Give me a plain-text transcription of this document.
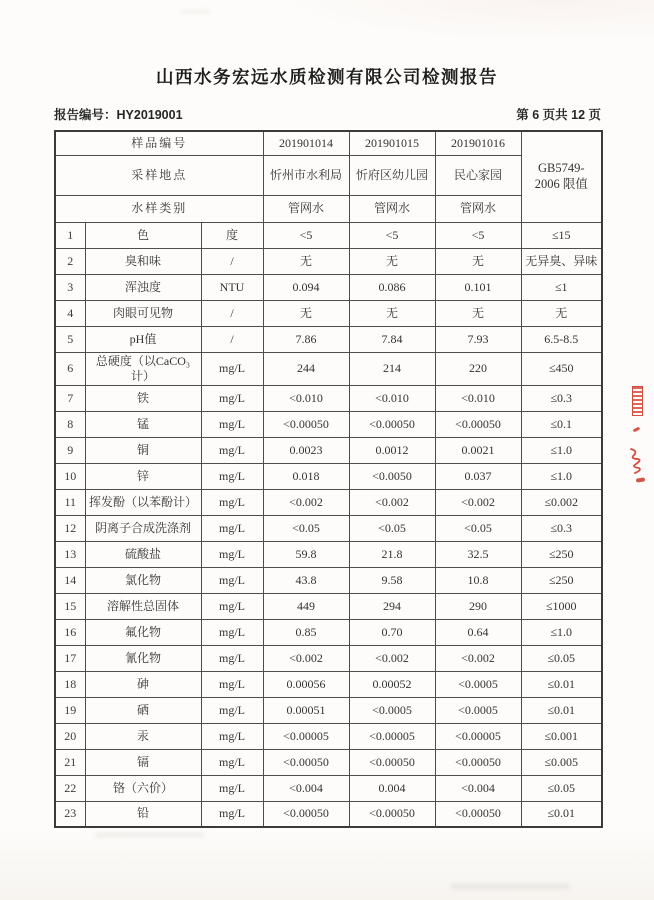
山西水务宏远水质检测有限公司检测报告
报告编号：HY2019001	第 6 页共 12 页
样品编号			201901014	201901015	201901016	GB5749-
2006 限值

采样地点			忻州市水利局	忻府区幼儿园	民心家园	
水样类别			管网水	管网水	管网水	
1	色	度	<5	<5	<5	≤15
2	臭和味	/	无	无	无	无异臭、异味
3	浑浊度	NTU	0.094	0.086	0.101	≤1
4	肉眼可见物	/	无	无	无	无
5	pH值	/	7.86	7.84	7.93	6.5-8.5
6	总硬度（以CaCO₃计）	mg/L	244	214	220	≤450
7	铁	mg/L	<0.010	<0.010	<0.010	≤0.3
8	锰	mg/L	<0.00050	<0.00050	<0.00050	≤0.1
9	铜	mg/L	0.0023	0.0012	0.0021	≤1.0
10	锌	mg/L	0.018	<0.0050	0.037	≤1.0
11	挥发酚（以苯酚计）	mg/L	<0.002	<0.002	<0.002	≤0.002
12	阴离子合成洗涤剂	mg/L	<0.05	<0.05	<0.05	≤0.3
13	硫酸盐	mg/L	59.8	21.8	32.5	≤250
14	氯化物	mg/L	43.8	9.58	10.8	≤250
15	溶解性总固体	mg/L	449	294	290	≤1000
16	氟化物	mg/L	0.85	0.70	0.64	≤1.0
17	氰化物	mg/L	<0.002	<0.002	<0.002	≤0.05
18	砷	mg/L	0.00056	0.00052	<0.0005	≤0.01
19	硒	mg/L	0.00051	<0.0005	<0.0005	≤0.01
20	汞	mg/L	<0.00005	<0.00005	<0.00005	≤0.001
21	镉	mg/L	<0.00050	<0.00050	<0.00050	≤0.005
22	铬（六价）	mg/L	<0.004	0.004	<0.004	≤0.05
23	铅	mg/L	<0.00050	<0.00050	<0.00050	≤0.01
